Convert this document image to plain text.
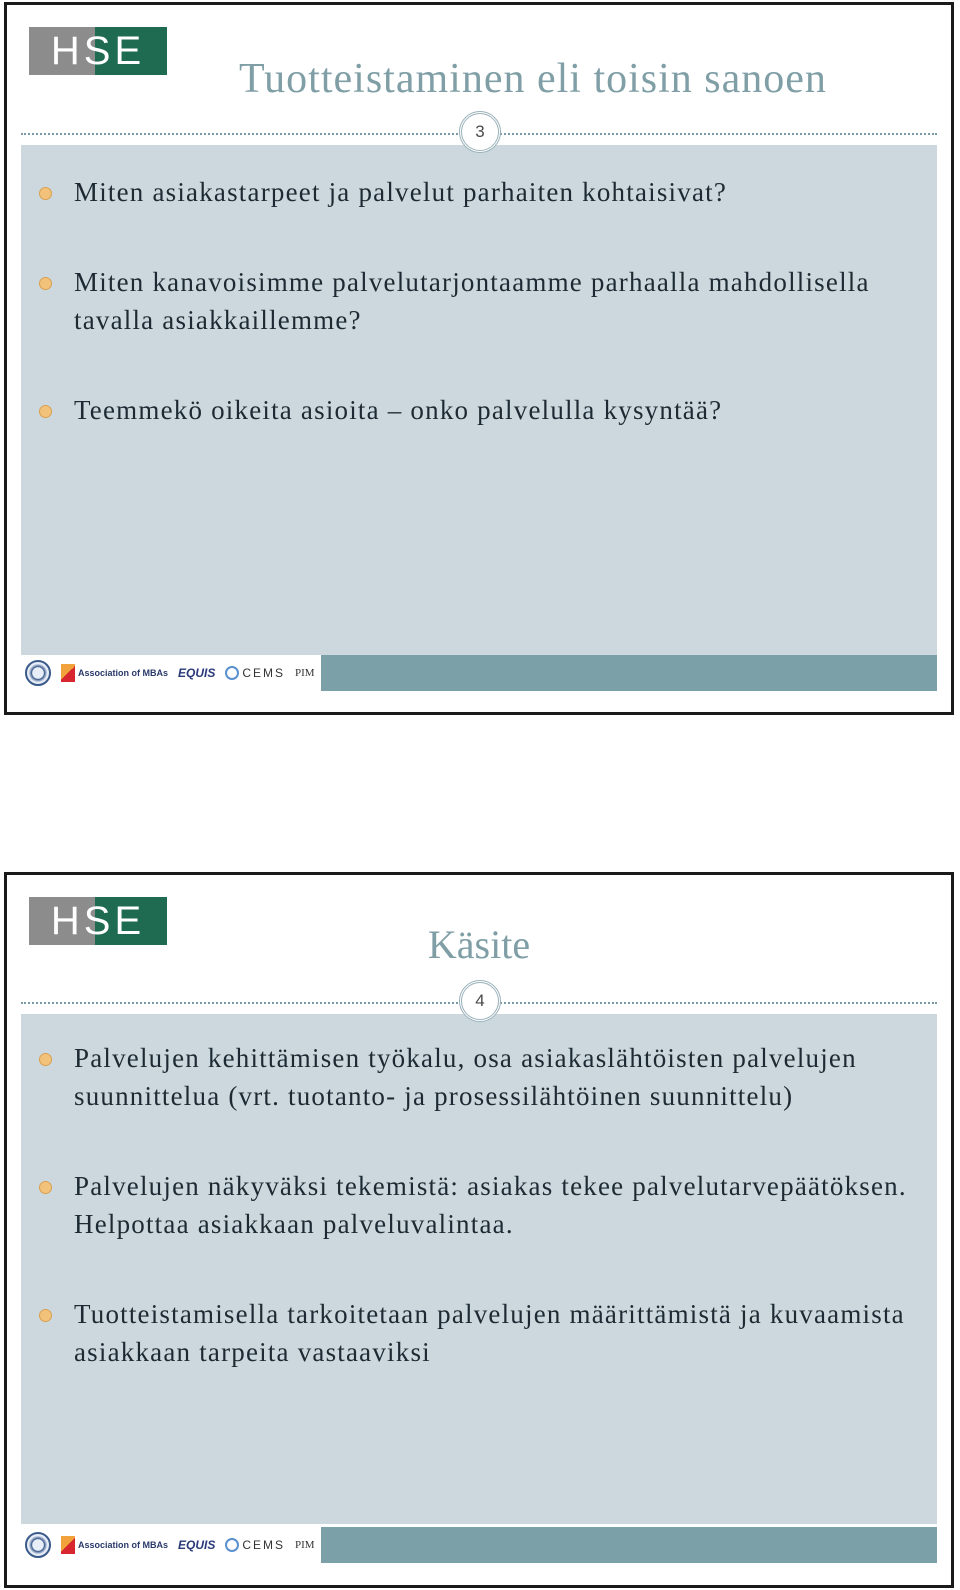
HSE
Tuotteistaminen eli toisin sanoen
3
Miten asiakastarpeet ja palvelut parhaiten kohtaisivat?
Miten kanavoisimme palvelutarjontaamme parhaalla mahdollisella tavalla asiakkaillemme?
Teemmekö oikeita asioita – onko palvelulla kysyntää?
Association of MBAs EQUIS CEMS PIM
HSE
Käsite
4
Palvelujen kehittämisen työkalu, osa asiakaslähtöisten palvelujen suunnittelua (vrt. tuotanto- ja prosessilähtöinen suunnittelu)
Palvelujen näkyväksi tekemistä: asiakas tekee palvelutarvepäätöksen. Helpottaa asiakkaan palveluvalintaa.
Tuotteistamisella tarkoitetaan palvelujen määrittämistä ja kuvaamista asiakkaan tarpeita vastaaviksi
Association of MBAs EQUIS CEMS PIM
